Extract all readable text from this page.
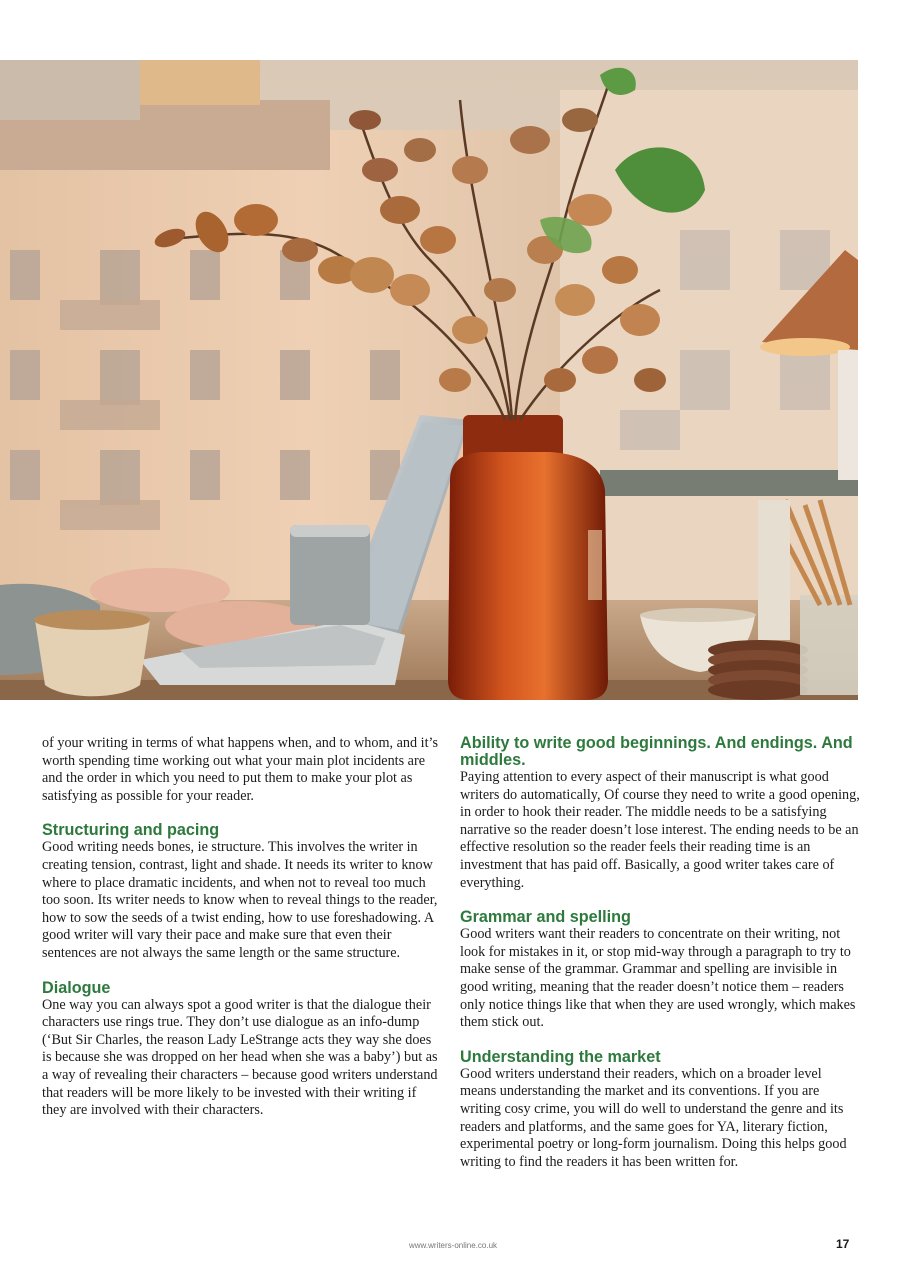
of your writing in terms of what happens when, and to whom, and it’s worth spending time working out what your main plot incidents are and the order in which you need to put them to make your plot as satisfying as possible for your reader.

Structuring and pacing

Good writing needs bones, ie structure. This involves the writer in creating tension, contrast, light and shade. It needs its writer to know where to place dramatic incidents, and when not to reveal too much too soon. Its writer needs to know when to reveal things to the reader, how to sow the seeds of a twist ending, how to use foreshadowing. A good writer will vary their pace and make sure that even their sentences are not always the same length or the same structure.

Dialogue

One way you can always spot a good writer is that the dialogue their characters use rings true. They don’t use dialogue as an info-dump (‘But Sir Charles, the reason Lady LeStrange acts they way she does is because she was dropped on her head when she was a baby’) but as a way of revealing their characters – because good writers understand that readers will be more likely to be invested with their writing if they are involved with their characters.

Ability to write good beginnings. And endings. And middles.

Paying attention to every aspect of their manuscript is what good writers do automatically, Of course they need to write a good opening, in order to hook their reader. The middle needs to be a satisfying narrative so the reader doesn’t lose interest. The ending needs to be an effective resolution so the reader feels their reading time is an investment that has paid off. Basically, a good writer takes care of everything.

Grammar and spelling

Good writers want their readers to concentrate on their writing, not look for mistakes in it, or stop mid-way through a paragraph to try to make sense of the grammar. Grammar and spelling are invisible in good writing, meaning that the reader doesn’t notice them – readers only notice things like that when they are used wrongly, which makes them stick out.

Understanding the market

Good writers understand their readers, which on a broader level means understanding the market and its conventions. If you are writing cosy crime, you will do well to understand the genre and its readers and platforms, and the same goes for YA, literary fiction, experimental poetry or long-form journalism. Doing this helps good writing to find the readers it has been written for.

www.writers-online.co.uk	17
